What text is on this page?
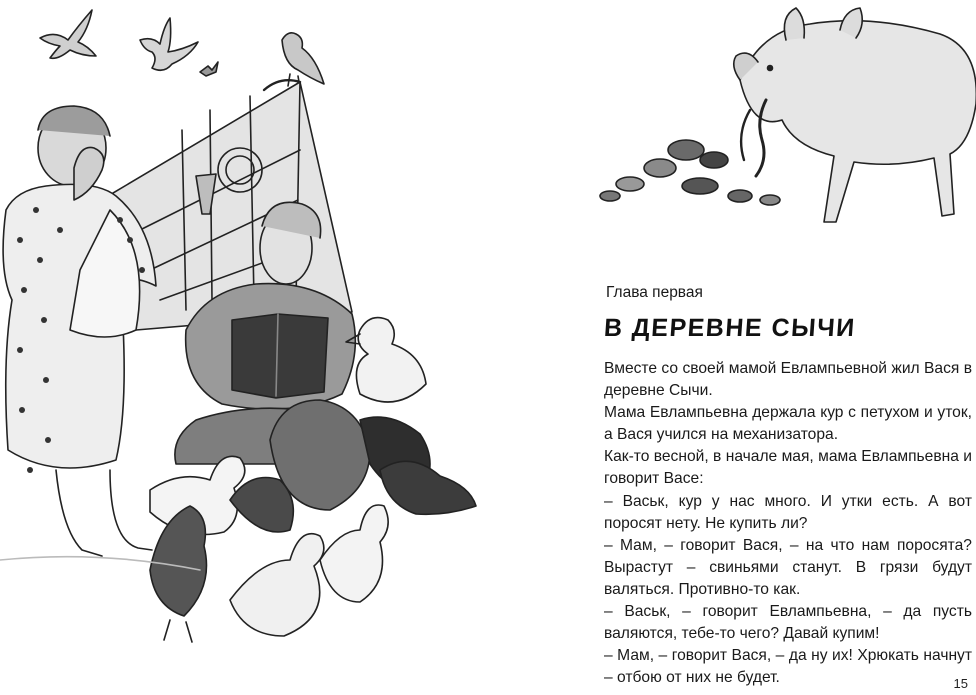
Глава первая
В ДЕРЕВНЕ СЫЧИ

Вместе со своей мамой Евлампьевной жил Вася в деревне Сычи.

Мама Евлампьевна держала кур с петухом и уток, а Вася учился на механизатора.

Как-то весной, в начале мая, мама Евлампьевна и говорит Васе:

– Васьк, кур у нас много. И утки есть. А вот поросят нету. Не купить ли?

– Мам, – говорит Вася, – на что нам поросята? Вырастут – свиньями станут. В грязи будут валяться. Противно-то как.

– Васьк, – говорит Евлампьевна, – да пусть валяются, тебе-то чего? Давай купим!

– Мам, – говорит Вася, – да ну их! Хрюкать начнут – отбою от них не будет.	15
